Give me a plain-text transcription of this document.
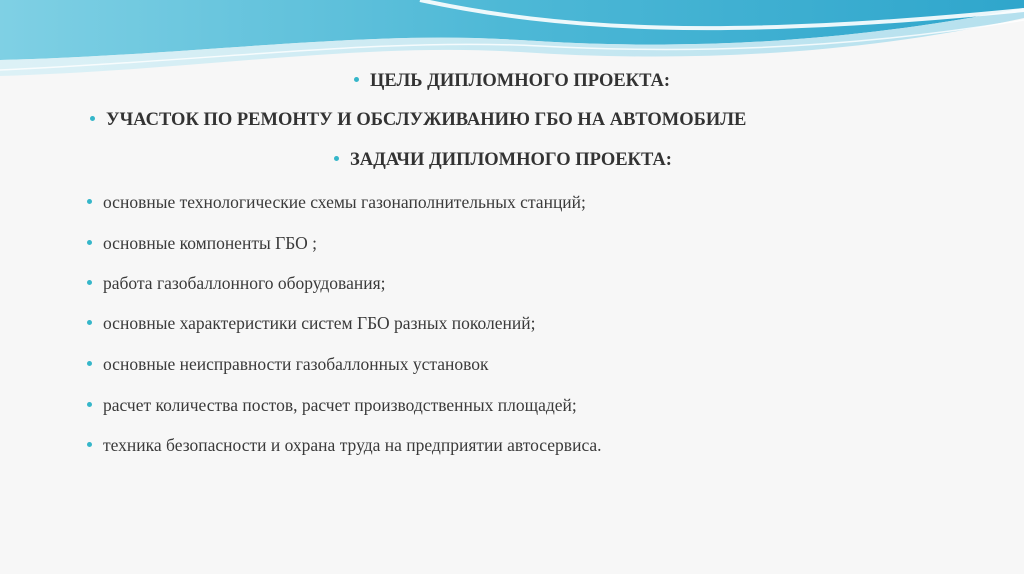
ЦЕЛЬ ДИПЛОМНОГО ПРОЕКТА:
УЧАСТОК ПО РЕМОНТУ И ОБСЛУЖИВАНИЮ ГБО НА АВТОМОБИЛЕ
ЗАДАЧИ ДИПЛОМНОГО ПРОЕКТА:
основные технологические схемы газонаполнительных станций;
основные компоненты ГБО ;
работа газобаллонного оборудования;
основные характеристики систем ГБО разных поколений;
основные неисправности газобаллонных установок
расчет количества постов, расчет производственных площадей;
техника безопасности и охрана труда на предприятии автосервиса.
